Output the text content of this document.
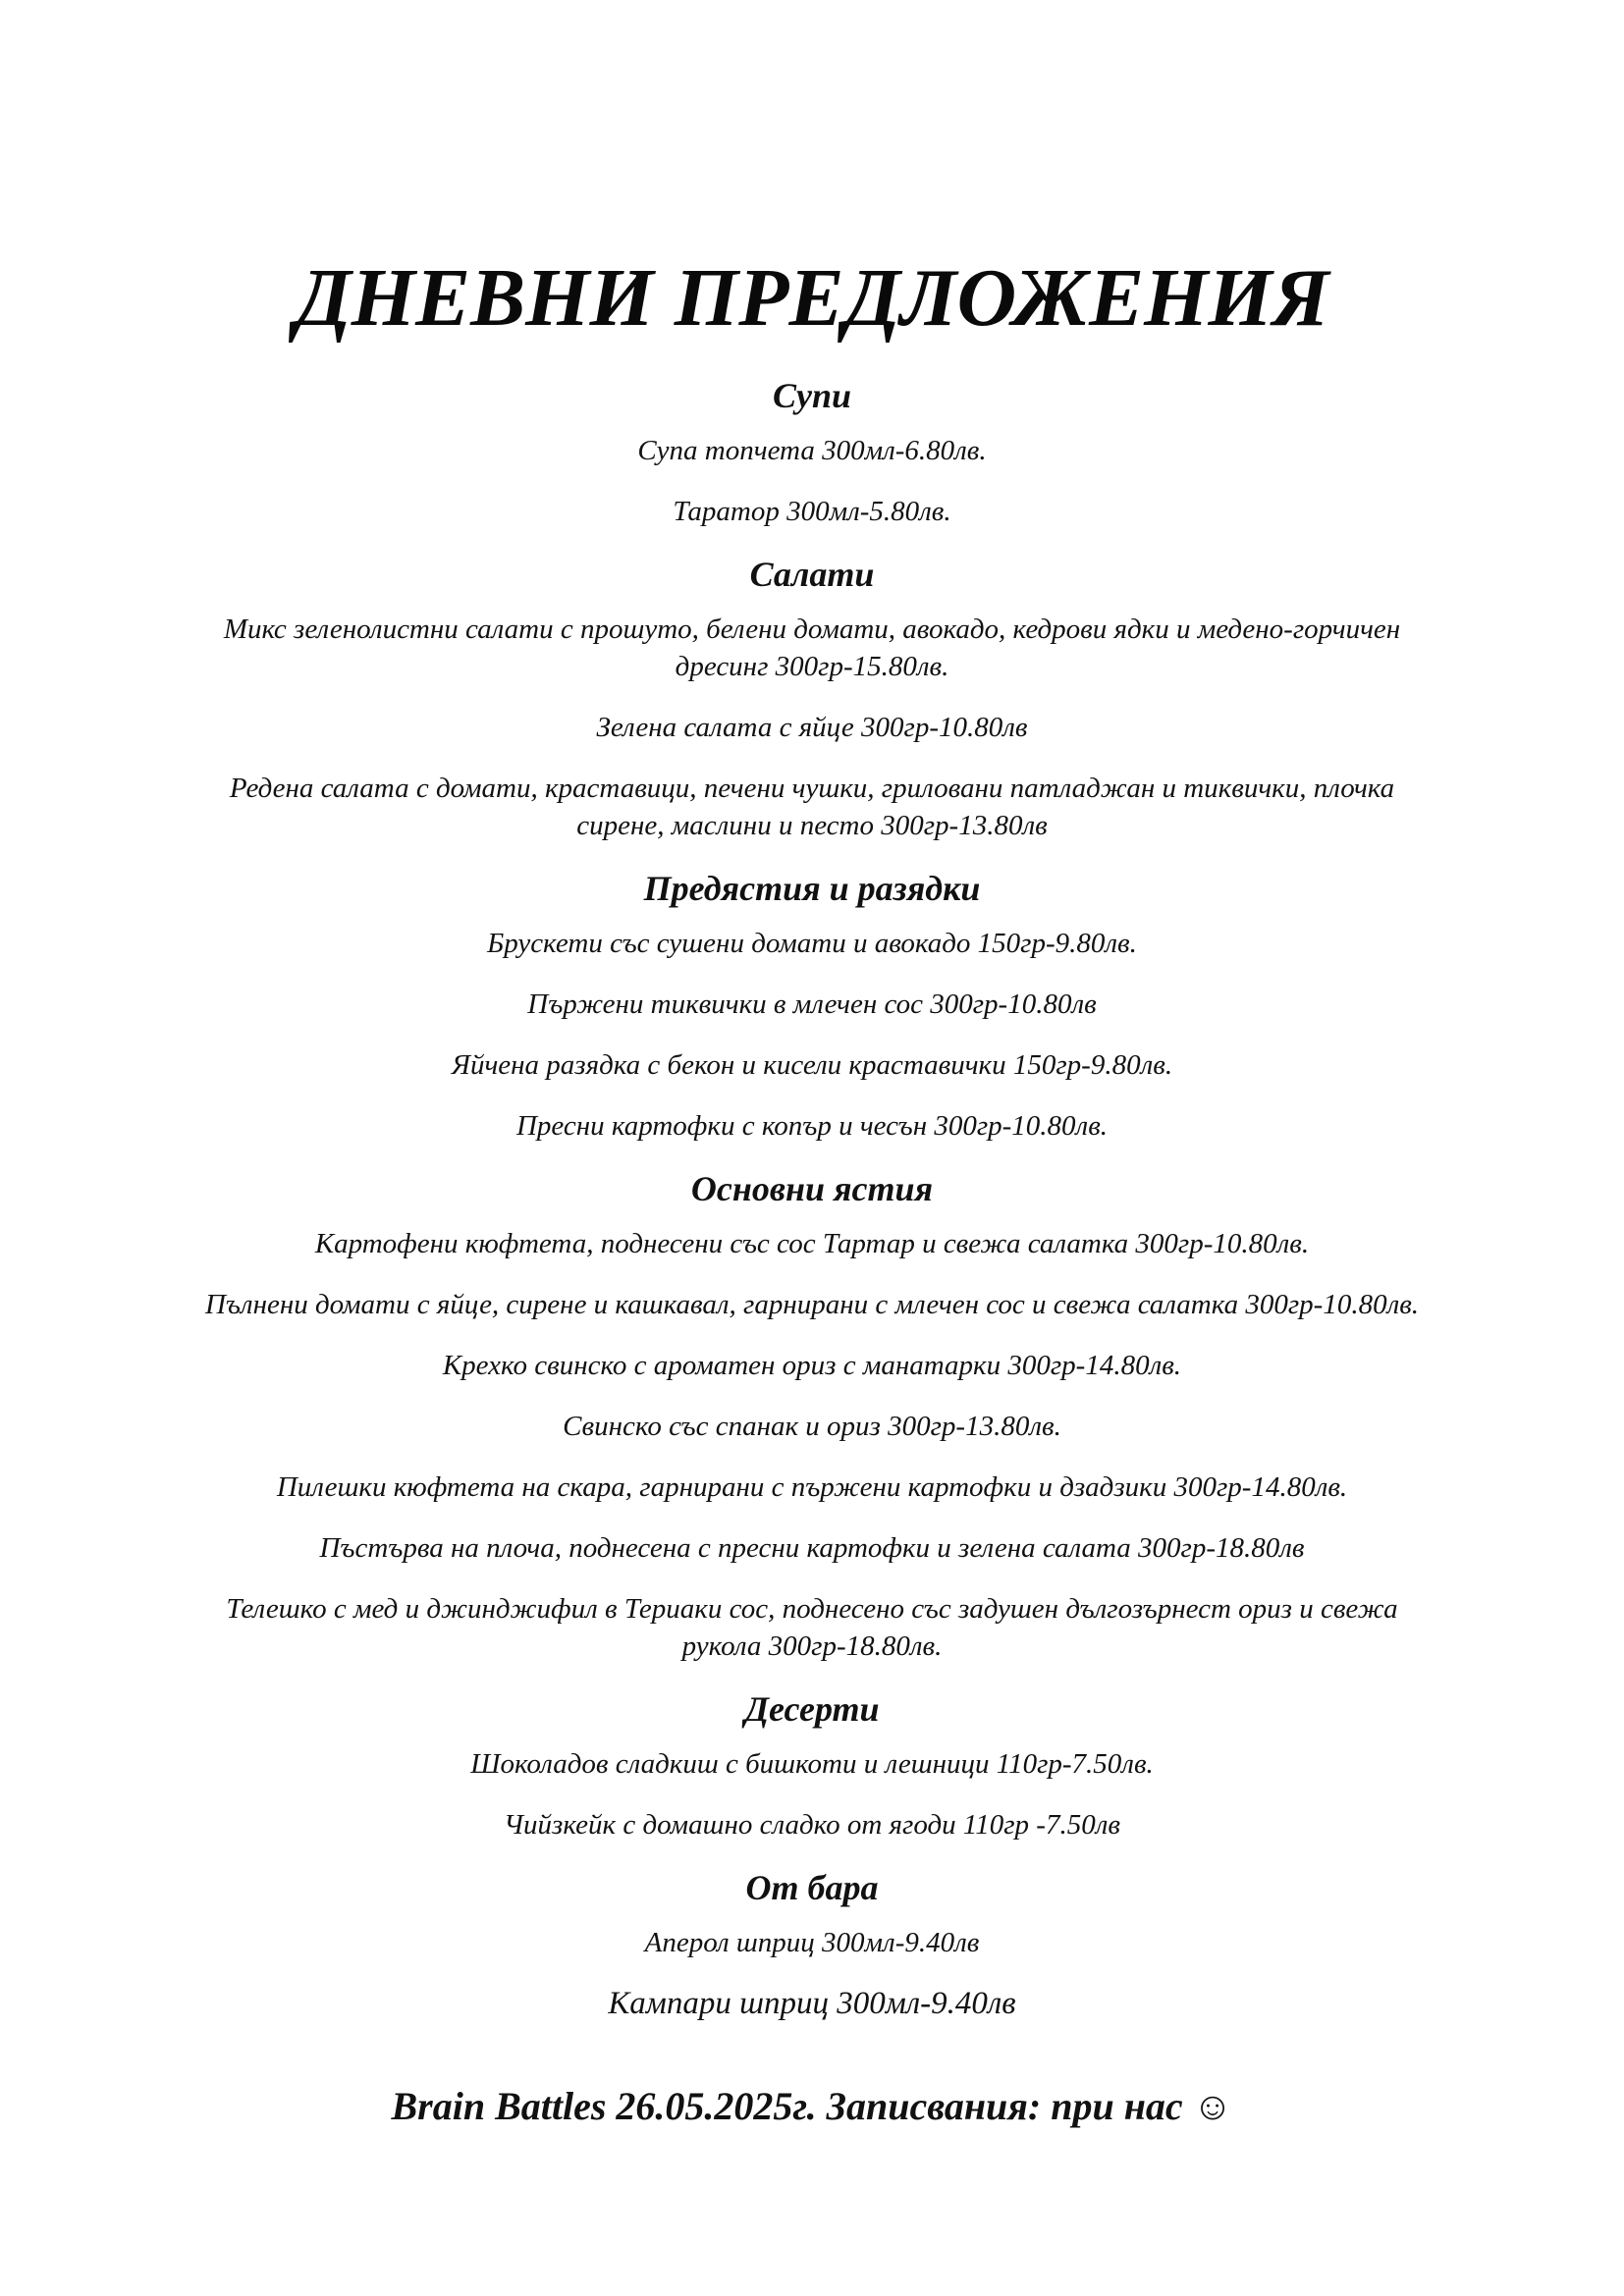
ДНЕВНИ ПРЕДЛОЖЕНИЯ
Супи
Супа топчета 300мл-6.80лв.
Таратор 300мл-5.80лв.
Салати
Микс зеленолистни салати с прошуто, белени домати, авокадо, кедрови ядки и медено-горчичен дресинг 300гр-15.80лв.
Зелена салата с яйце 300гр-10.80лв
Редена салата с домати, краставици, печени чушки, гриловани патладжан и тиквички, плочка сирене, маслини и песто 300гр-13.80лв
Предястия и разядки
Брускети със сушени домати и авокадо 150гр-9.80лв.
Пържени тиквички в млечен сос 300гр-10.80лв
Яйчена разядка с бекон и кисели краставички 150гр-9.80лв.
Пресни картофки с копър и чесън 300гр-10.80лв.
Основни ястия
Картофени кюфтета, поднесени със сос Тартар и свежа салатка 300гр-10.80лв.
Пълнени домати с яйце, сирене и кашкавал, гарнирани с млечен сос и свежа салатка 300гр-10.80лв.
Крехко свинско с ароматен ориз с манатарки 300гр-14.80лв.
Свинско със спанак и ориз 300гр-13.80лв.
Пилешки кюфтета на скара, гарнирани с пържени картофки и дзадзики 300гр-14.80лв.
Пъстърва на плоча, поднесена с пресни картофки и зелена салата 300гр-18.80лв
Телешко с мед и джинджифил в Териаки сос, поднесено със задушен дългозърнест ориз и свежа рукола 300гр-18.80лв.
Десерти
Шоколадов сладкиш с бишкоти и лешници 110гр-7.50лв.
Чийзкейк с домашно сладко от ягоди 110гр -7.50лв
От бара
Аперол шприц 300мл-9.40лв
Кампари шприц 300мл-9.40лв

Brain Battles 26.05.2025г. Записвания: при нас ☺
